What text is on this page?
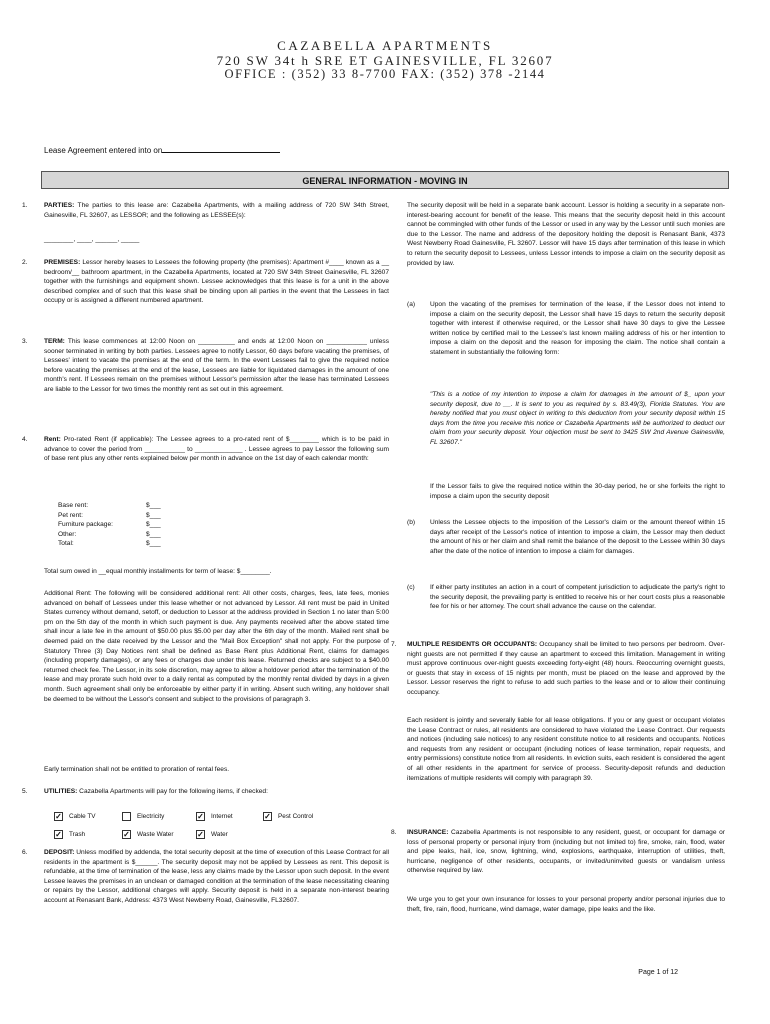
CAZABELLA APARTMENTS
720 SW 34t h SRE ET GAINESVILLE, FL 32607
OFFICE : (352) 33 8-7700 FAX: (352) 378 -2144
Lease Agreement entered into on
GENERAL INFORMATION - MOVING IN
1.	PARTIES: The parties to this lease are: Cazabella Apartments, with a mailing address of 720 SW 34th Street, Gainesville, FL 32607, as LESSOR; and the following as LESSEE(s):
________, ____, ______, _____
2.	PREMISES: Lessor hereby leases to Lessees the following property (the premises): Apartment #____ known as a __ bedroom/__ bathroom apartment, in the Cazabella Apartments, located at 720 SW 34th Street Gainesville, FL 32607 together with the furnishings and equipment shown. Lessee acknowledges that this lease is for a unit in the above described complex and of such that this lease shall be binding upon all parties in the event that the Lessees in fact occupy or is assigned a different numbered apartment.
3.	TERM: This lease commences at 12:00 Noon on __________ and ends at 12:00 Noon on ___________ unless sooner terminated in writing by both parties. Lessees agree to notify Lessor, 60 days before vacating the premises, of Lessees' intent to vacate the premises at the end of the term. In the event Lessees fail to give the required notice before vacating the premises at the end of the lease, Lessees are liable for liquidated damages in the amount of one month's rent. If Lessees remain on the premises without Lessor's permission after the lease has terminated Lessees are liable to the Lessor for two times the monthly rent as set out in this agreement.
4.	Rent: Pro-rated Rent (if applicable): The Lessee agrees to a pro-rated rent of $________ which is to be paid in advance to cover the period from ___________ to _____________ . Lessee agrees to pay Lessor the following sum of base rent plus any other rents explained below per month in advance on the 1st day of each calendar month:
Base rent:	$___
Pet rent:	$___
Furniture package:	$___
Other:	$___
Total:	$___
Total sum owed in __equal monthly installments for term of lease: $________.
Additional Rent: The following will be considered additional rent: All other costs, charges, fees, late fees, monies advanced on behalf of Lessees under this lease whether or not advanced by Lessor. All rent must be paid in United States currency without demand, setoff, or deduction to Lessor at the address provided in Section 1 no later than 5:00 pm on the 5th day of the month in which such payment is due. Any payments received after the above stated time shall incur a late fee in the amount of $50.00 plus $5.00 per day after the 6th day of the month. Mailed rent shall be deemed paid on the date received by the Lessor and the "Mail Box Exception" shall not apply. For the purpose of Statutory Three (3) Day Notices rent shall be defined as Base Rent plus Additional Rent, claims for damages (including property damages), or any fees or charges due under this lease. Returned checks are subject to a $40.00 returned check fee. The Lessor, in its sole discretion, may agree to allow a holdover period after the termination of the lease and may prorate such hold over to a daily rental as computed by the monthly rental divided by days in a given month. Such agreement shall only be enforceable by either party if in writing. Absent such writing, any holdover shall be deemed to be without the Lessor's consent and subject to the provisions of paragraph 3.
Early termination shall not be entitled to proration of rental fees.
5.	UTILITIES: Cazabella Apartments will pay for the following items, if checked:
✓ Cable TV	Electricity	✓ Internet	✓ Pest Control
✓ Trash	✓ Waste Water	✓ Water
6.	DEPOSIT: Unless modified by addenda, the total security deposit at the time of execution of this Lease Contract for all residents in the apartment is $______. The security deposit may not be applied by Lessees as rent. This deposit is refundable, at the time of termination of the lease, less any claims made by the Lessor upon such deposit. In the event Lessee leaves the premises in an unclean or damaged condition at the termination of the lease necessitating cleaning or repairs by the Lessor, additional charges will apply. Security deposit is held in a separate non-interest bearing account at Renasant Bank, Address: 4373 West Newberry Road, Gainesville, FL32607.
The security deposit will be held in a separate bank account. Lessor is holding a security in a separate non-interest-bearing account for benefit of the lease. This means that the security deposit held in this account cannot be commingled with other funds of the Lessor or used in any way by the Lessor until such monies are due to the Lessor. The name and address of the depository holding the deposit is Renasant Bank, 4373 West Newberry Road Gainesville, FL 32607. Lessor will have 15 days after termination of this lease in which to return the security deposit to Lessees, unless Lessor intends to impose a claim on the security deposit as provided by law.
(a) Upon the vacating of the premises for termination of the lease, if the Lessor does not intend to impose a claim on the security deposit, the Lessor shall have 15 days to return the security deposit together with interest if otherwise required, or the Lessor shall have 30 days to give the Lessee written notice by certified mail to the Lessee's last known mailing address of his or her intention to impose a claim on the deposit and the reason for imposing the claim. The notice shall contain a statement in substantially the following form:
"This is a notice of my intention to impose a claim for damages in the amount of $_ upon your security deposit, due to __. It is sent to you as required by s. 83.49(3), Florida Statutes. You are hereby notified that you must object in writing to this deduction from your security deposit within 15 days from the time you receive this notice or Cazabella Apartments will be authorized to deduct our claim from your security deposit. Your objection must be sent to 3425 SW 2nd Avenue Gainesville, FL 32607."
If the Lessor fails to give the required notice within the 30-day period, he or she forfeits the right to impose a claim upon the security deposit
(b) Unless the Lessee objects to the imposition of the Lessor's claim or the amount thereof within 15 days after receipt of the Lessor's notice of intention to impose a claim, the Lessor may then deduct the amount of his or her claim and shall remit the balance of the deposit to the Lessee within 30 days after the date of the notice of intention to impose a claim for damages.
(c) If either party institutes an action in a court of competent jurisdiction to adjudicate the party's right to the security deposit, the prevailing party is entitled to receive his or her court costs plus a reasonable fee for his or her attorney. The court shall advance the cause on the calendar.
7. MULTIPLE RESIDENTS OR OCCUPANTS: Occupancy shall be limited to two persons per bedroom. Over-night guests are not permitted if they cause an apartment to exceed this limitation. Management in writing must approve continuous over-night guests exceeding forty-eight (48) hours. Reoccurring overnight guests, or guests that stay in excess of 15 nights per month, must be placed on the lease and approved by the Lessor. Lessor reserves the right to refuse to add such parties to the lease and or to allow their continuing occupancy.
Each resident is jointly and severally liable for all lease obligations. If you or any guest or occupant violates the Lease Contract or rules, all residents are considered to have violated the Lease Contract. Our requests and notices (including sale notices) to any resident constitute notice to all residents and occupants. Notices and requests from any resident or occupant (including notices of lease termination, repair requests, and entry permissions) constitute notice from all residents. In eviction suits, each resident is considered the agent of all other residents in the apartment for service of process. Security-deposit refunds and deduction itemizations of multiple residents will comply with paragraph 39.
8. INSURANCE: Cazabella Apartments is not responsible to any resident, guest, or occupant for damage or loss of personal property or personal injury from (including but not limited to) fire, smoke, rain, flood, water and pipe leaks, hail, ice, snow, lightning, wind, explosions, earthquake, interruption of utilities, theft, hurricane, negligence of other residents, occupants, or invited/uninvited guests or vandalism unless otherwise required by law.
We urge you to get your own insurance for losses to your personal property and/or personal injuries due to theft, fire, rain, flood, hurricane, wind damage, water damage, pipe leaks and the like.
Page 1 of 12
